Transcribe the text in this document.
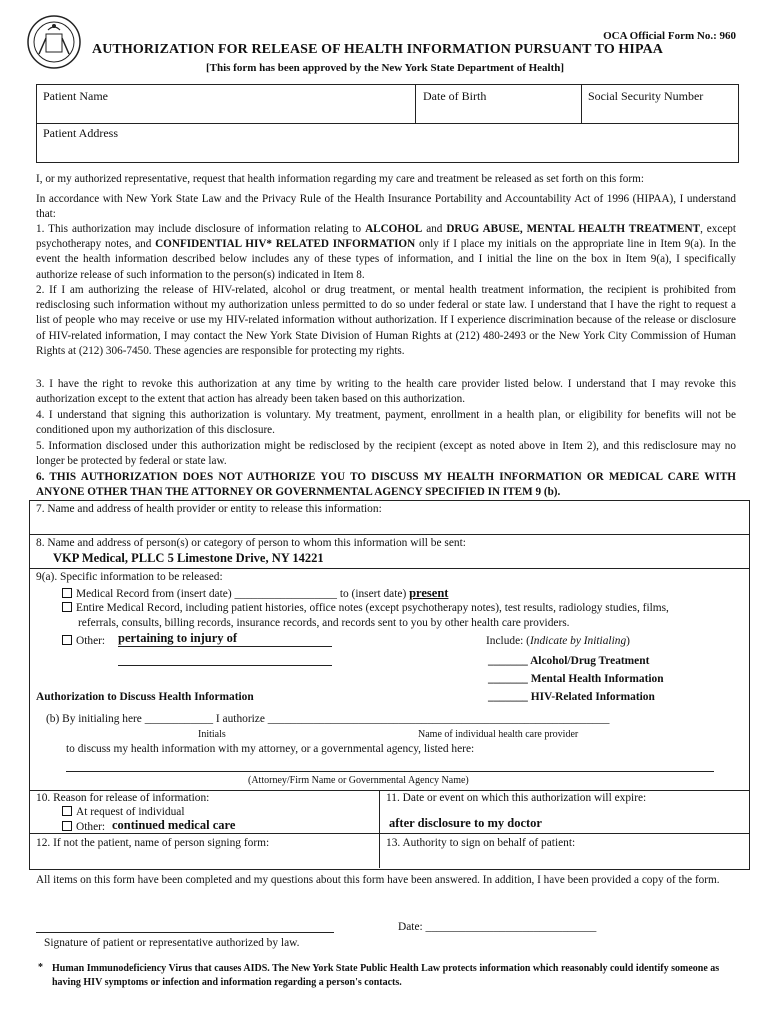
OCA Official Form No.: 960
AUTHORIZATION FOR RELEASE OF HEALTH INFORMATION PURSUANT TO HIPAA
[This form has been approved by the New York State Department of Health]
Patient Name	Date of Birth	Social Security Number
Patient Address
I, or my authorized representative, request that health information regarding my care and treatment be released as set forth on this form:
In accordance with New York State Law and the Privacy Rule of the Health Insurance Portability and Accountability Act of 1996 (HIPAA), I understand that:
1. This authorization may include disclosure of information relating to ALCOHOL and DRUG ABUSE, MENTAL HEALTH TREATMENT, except psychotherapy notes, and CONFIDENTIAL HIV* RELATED INFORMATION only if I place my initials on the appropriate line in Item 9(a). In the event the health information described below includes any of these types of information, and I initial the line on the box in Item 9(a), I specifically authorize release of such information to the person(s) indicated in Item 8.
2. If I am authorizing the release of HIV-related, alcohol or drug treatment, or mental health treatment information, the recipient is prohibited from redisclosing such information without my authorization unless permitted to do so under federal or state law. I understand that I have the right to request a list of people who may receive or use my HIV-related information without authorization. If I experience discrimination because of the release or disclosure of HIV-related information, I may contact the New York State Division of Human Rights at (212) 480-2493 or the New York City Commission of Human Rights at (212) 306-7450. These agencies are responsible for protecting my rights.
3. I have the right to revoke this authorization at any time by writing to the health care provider listed below. I understand that I may revoke this authorization except to the extent that action has already been taken based on this authorization.
4. I understand that signing this authorization is voluntary. My treatment, payment, enrollment in a health plan, or eligibility for benefits will not be conditioned upon my authorization of this disclosure.
5. Information disclosed under this authorization might be redisclosed by the recipient (except as noted above in Item 2), and this redisclosure may no longer be protected by federal or state law.
6. THIS AUTHORIZATION DOES NOT AUTHORIZE YOU TO DISCUSS MY HEALTH INFORMATION OR MEDICAL CARE WITH ANYONE OTHER THAN THE ATTORNEY OR GOVERNMENTAL AGENCY SPECIFIED IN ITEM 9 (b).
7. Name and address of health provider or entity to release this information:
8. Name and address of person(s) or category of person to whom this information will be sent:
VKP Medical, PLLC 5 Limestone Drive, NY 14221
9(a). Specific information to be released:
Medical Record from (insert date) __________________ to (insert date) present
Entire Medical Record, including patient histories, office notes (except psychotherapy notes), test results, radiology studies, films,
referrals, consults, billing records, insurance records, and records sent to you by other health care providers.
Other: pertaining to injury of	Include: (Indicate by Initialing)
_______ Alcohol/Drug Treatment
_______ Mental Health Information
_______ HIV-Related Information
Authorization to Discuss Health Information
(b) By initialing here ____________ I authorize ____________________________________________________________
Initials	Name of individual health care provider
to discuss my health information with my attorney, or a governmental agency, listed here:
(Attorney/Firm Name or Governmental Agency Name)
10. Reason for release of information:
At request of individual
Other: continued medical care
11. Date or event on which this authorization will expire:
after disclosure to my doctor
12. If not the patient, name of person signing form:	13. Authority to sign on behalf of patient:
All items on this form have been completed and my questions about this form have been answered. In addition, I have been provided a copy of the form.
Signature of patient or representative authorized by law.
Date: ______________________________
* Human Immunodeficiency Virus that causes AIDS. The New York State Public Health Law protects information which reasonably could identify someone as having HIV symptoms or infection and information regarding a person's contacts.
